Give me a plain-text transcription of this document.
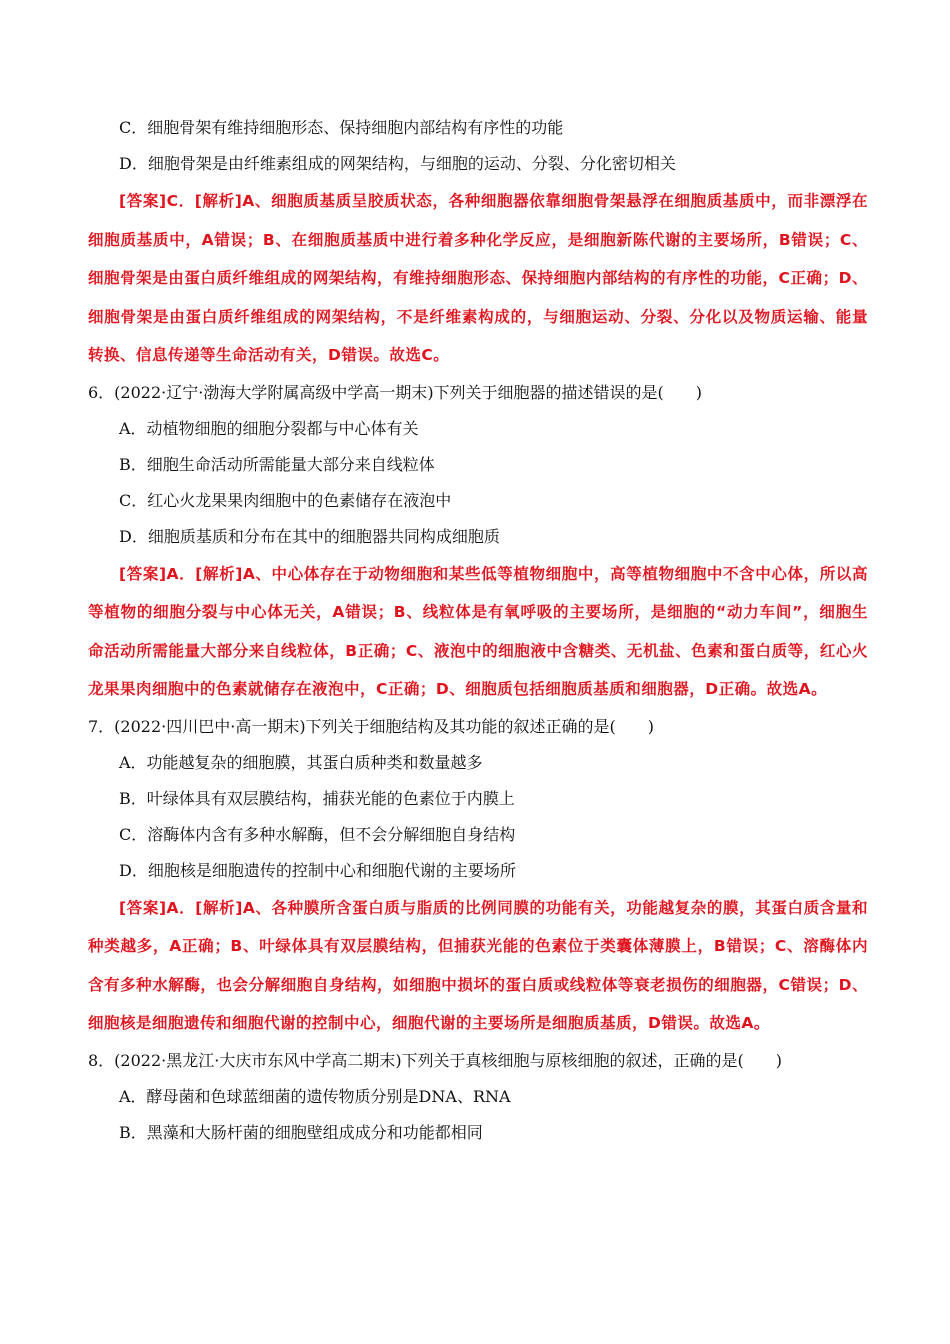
C．细胞骨架有维持细胞形态、保持细胞内部结构有序性的功能
D．细胞骨架是由纤维素组成的网架结构，与细胞的运动、分裂、分化密切相关
[答案]C．[解析]A、细胞质基质呈胶质状态，各种细胞器依靠细胞骨架悬浮在细胞质基质中，而非漂浮在细胞质基质中，A错误；B、在细胞质基质中进行着多种化学反应，是细胞新陈代谢的主要场所，B错误；C、细胞骨架是由蛋白质纤维组成的网架结构，有维持细胞形态、保持细胞内部结构的有序性的功能，C正确；D、细胞骨架是由蛋白质纤维组成的网架结构，不是纤维素构成的，与细胞运动、分裂、分化以及物质运输、能量转换、信息传递等生命活动有关，D错误。故选C。
6．(2022·辽宁·渤海大学附属高级中学高一期末)下列关于细胞器的描述错误的是(　　)
A．动植物细胞的细胞分裂都与中心体有关
B．细胞生命活动所需能量大部分来自线粒体
C．红心火龙果果肉细胞中的色素储存在液泡中
D．细胞质基质和分布在其中的细胞器共同构成细胞质
[答案]A．[解析]A、中心体存在于动物细胞和某些低等植物细胞中，高等植物细胞中不含中心体，所以高等植物的细胞分裂与中心体无关，A错误；B、线粒体是有氧呼吸的主要场所，是细胞的“动力车间”，细胞生命活动所需能量大部分来自线粒体，B正确；C、液泡中的细胞液中含糖类、无机盐、色素和蛋白质等，红心火龙果果肉细胞中的色素就储存在液泡中，C正确；D、细胞质包括细胞质基质和细胞器，D正确。故选A。
7．(2022·四川巴中·高一期末)下列关于细胞结构及其功能的叙述正确的是(　　)
A．功能越复杂的细胞膜，其蛋白质种类和数量越多
B．叶绿体具有双层膜结构，捕获光能的色素位于内膜上
C．溶酶体内含有多种水解酶，但不会分解细胞自身结构
D．细胞核是细胞遗传的控制中心和细胞代谢的主要场所
[答案]A．[解析]A、各种膜所含蛋白质与脂质的比例同膜的功能有关，功能越复杂的膜，其蛋白质含量和种类越多，A正确；B、叶绿体具有双层膜结构，但捕获光能的色素位于类囊体薄膜上，B错误；C、溶酶体内含有多种水解酶，也会分解细胞自身结构，如细胞中损坏的蛋白质或线粒体等衰老损伤的细胞器，C错误；D、细胞核是细胞遗传和细胞代谢的控制中心，细胞代谢的主要场所是细胞质基质，D错误。故选A。
8．(2022·黑龙江·大庆市东风中学高二期末)下列关于真核细胞与原核细胞的叙述，正确的是(　　)
A．酵母菌和色球蓝细菌的遗传物质分别是DNA、RNA
B．黑藻和大肠杆菌的细胞壁组成成分和功能都相同
